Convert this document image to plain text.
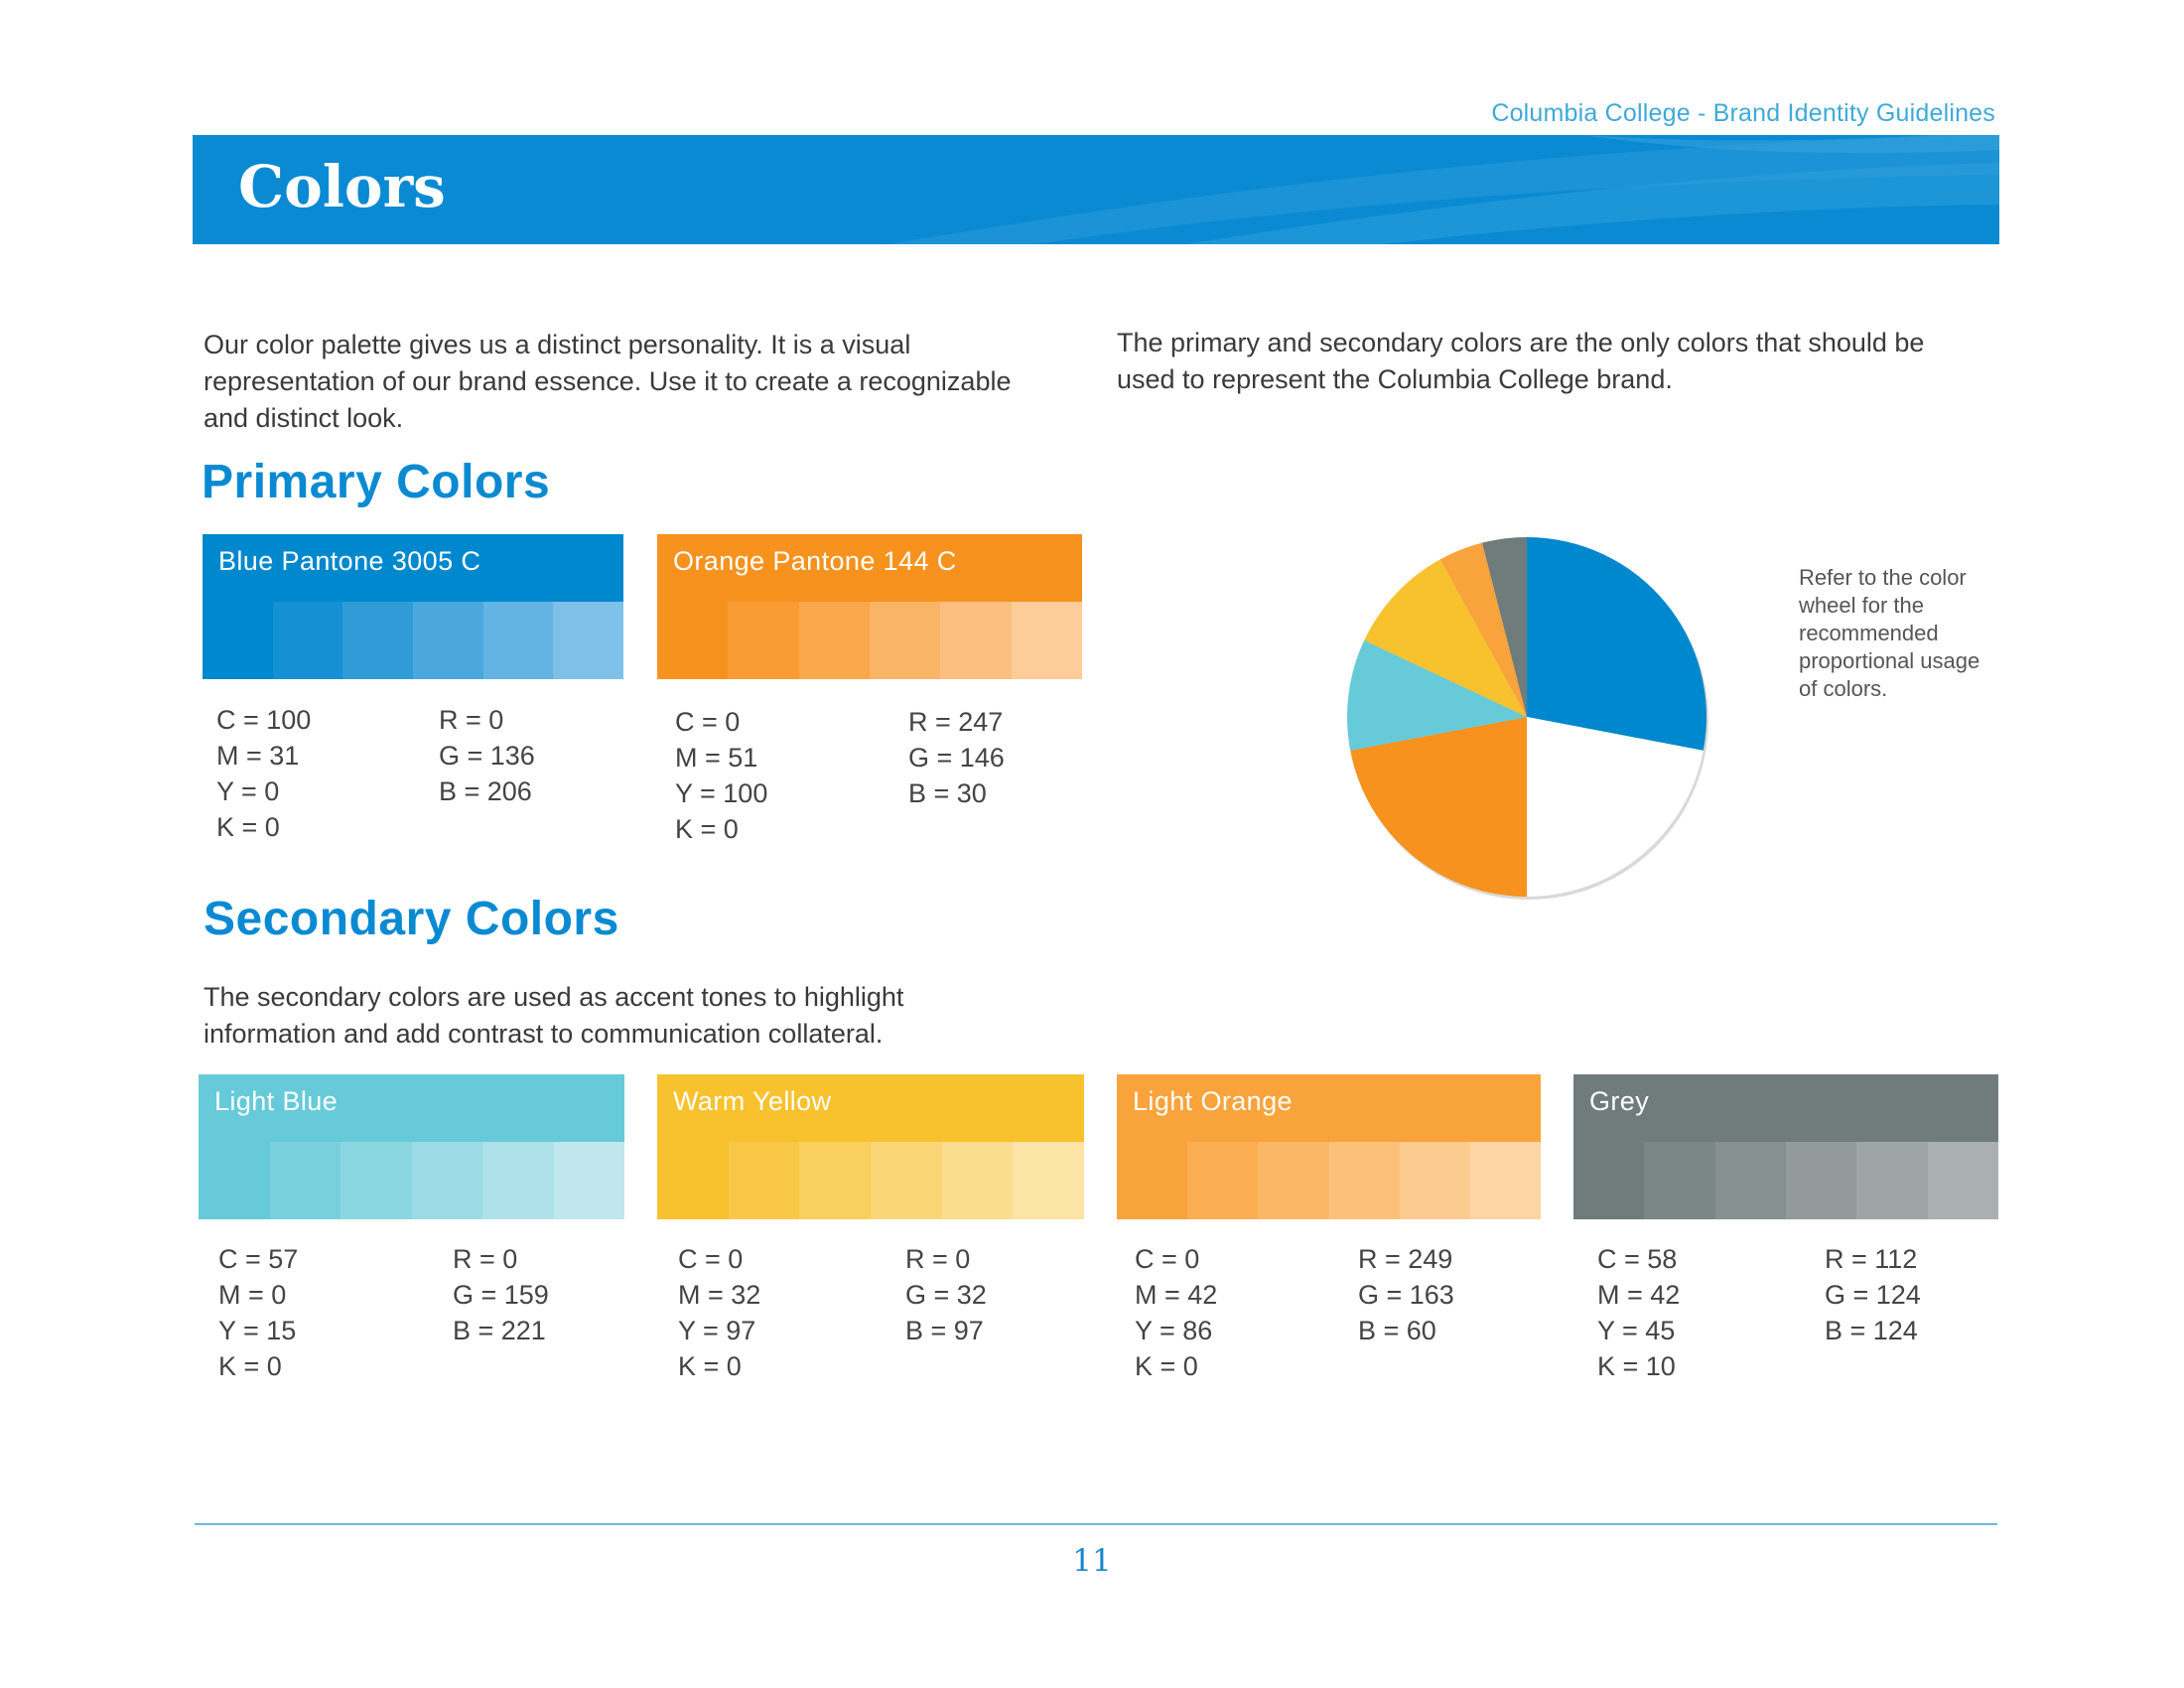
Columbia College - Brand Identity Guidelines
Colors
Our color palette gives us a distinct personality. It is a visual
representation of our brand essence. Use it to create a recognizable
and distinct look.
The primary and secondary colors are the only colors that should be
used to represent the Columbia College brand.
Primary Colors
Blue Pantone 3005 C
C = 100
M = 31
Y = 0
K = 0
R = 0
G = 136
B = 206
Orange Pantone 144 C
C = 0
M = 51
Y = 100
K = 0
R = 247
G = 146
B = 30
Secondary Colors
The secondary colors are used as accent tones to highlight
information and add contrast to communication collateral.
Light Blue
C = 57
M = 0
Y = 15
K = 0
R = 0
G = 159
B = 221
Warm Yellow
C = 0
M = 32
Y = 97
K = 0
R = 0
G = 32
B = 97
Light Orange
C = 0
M = 42
Y = 86
K = 0
R = 249
G = 163
B = 60
Grey
C = 58
M = 42
Y = 45
K = 10
R = 112
G = 124
B = 124
Refer to the color
wheel for the
recommended
proportional usage
of colors.
11
